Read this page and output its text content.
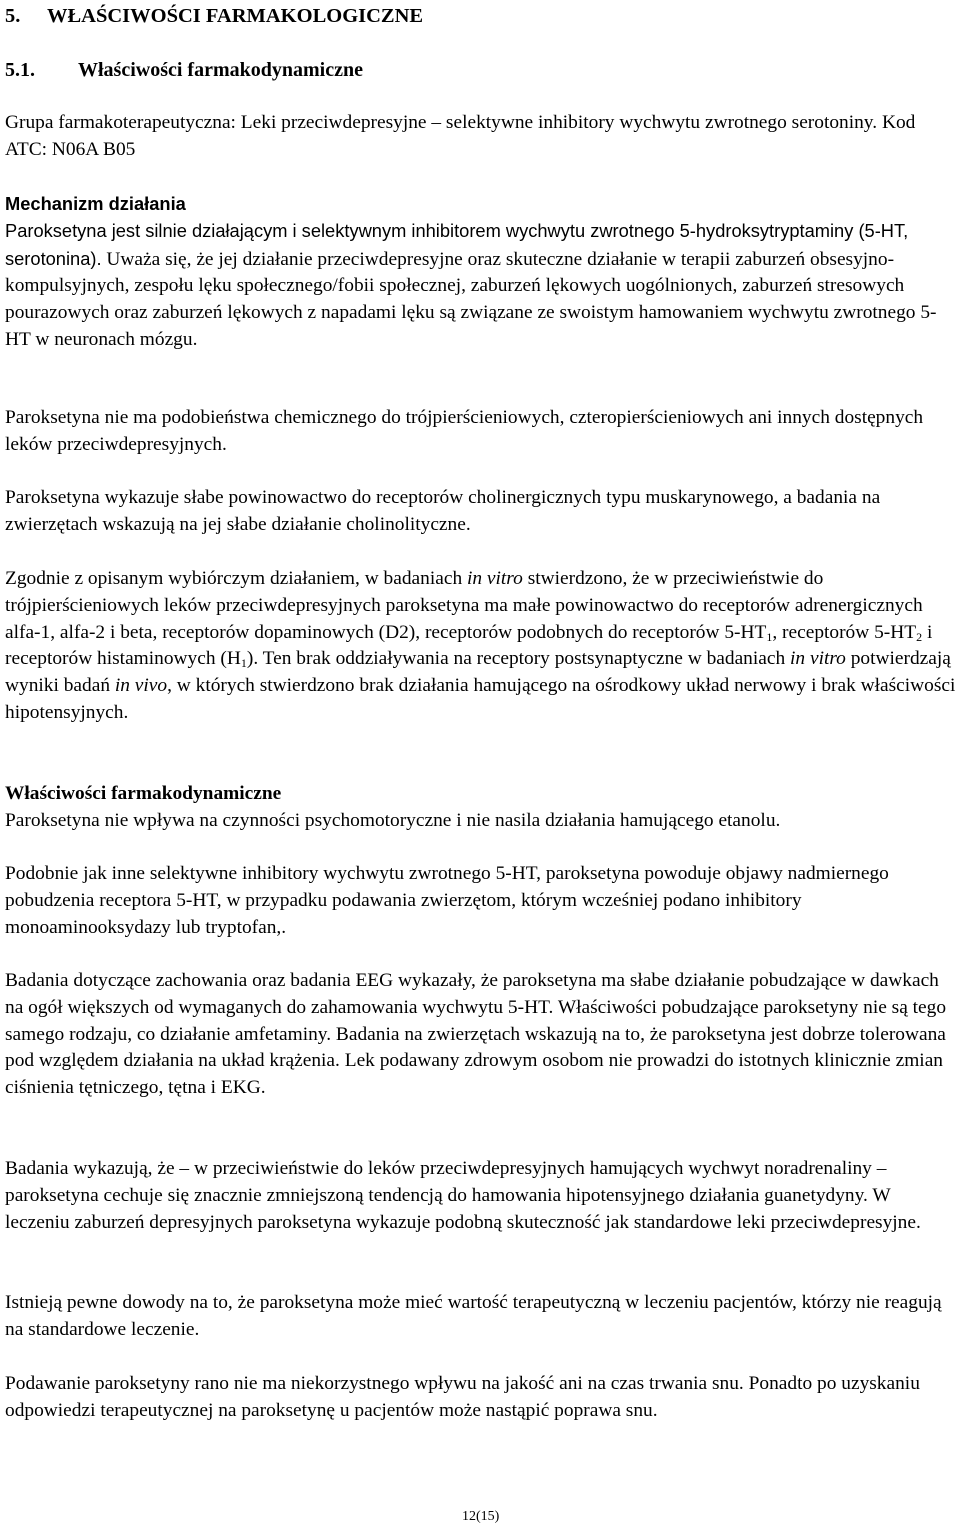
5. WŁAŚCIWOŚCI FARMAKOLOGICZNE
5.1. Właściwości farmakodynamiczne

Grupa farmakoterapeutyczna: Leki przeciwdepresyjne – selektywne inhibitory wychwytu zwrotnego serotoniny. Kod ATC: N06A B05

Mechanizm działania

Paroksetyna jest silnie działającym i selektywnym inhibitorem wychwytu zwrotnego 5-hydroksytryptaminy (5-HT, serotonina). Uważa się, że jej działanie przeciwdepresyjne oraz skuteczne działanie w terapii zaburzeń obsesyjno-kompulsyjnych, zespołu lęku społecznego/fobii społecznej, zaburzeń lękowych uogólnionych, zaburzeń stresowych pourazowych oraz zaburzeń lękowych z napadami lęku są związane ze swoistym hamowaniem wychwytu zwrotnego 5-HT w neuronach mózgu.

Paroksetyna nie ma podobieństwa chemicznego do trójpierścieniowych, czteropierścieniowych ani innych dostępnych leków przeciwdepresyjnych.

Paroksetyna wykazuje słabe powinowactwo do receptorów cholinergicznych typu muskarynowego, a badania na zwierzętach wskazują na jej słabe działanie cholinolityczne.

Zgodnie z opisanym wybiórczym działaniem, w badaniach in vitro stwierdzono, że w przeciwieństwie do trójpierścieniowych leków przeciwdepresyjnych paroksetyna ma małe powinowactwo do receptorów adrenergicznych alfa-1, alfa-2 i beta, receptorów dopaminowych (D2), receptorów podobnych do receptorów $5-HT_1$, receptorów $5-HT_2$ i receptorów histaminowych $(H_1)$. Ten brak oddziaływania na receptory postsynaptyczne w badaniach in vitro potwierdzają wyniki badań in vivo, w których stwierdzono brak działania hamującego na ośrodkowy układ nerwowy i brak właściwości hipotensyjnych.

Właściwości farmakodynamiczne

Paroksetyna nie wpływa na czynności psychomotoryczne i nie nasila działania hamującego etanolu.

Podobnie jak inne selektywne inhibitory wychwytu zwrotnego 5-HT, paroksetyna powoduje objawy nadmiernego pobudzenia receptora 5-HT, w przypadku podawania zwierzętom, którym wcześniej podano inhibitory monoaminooksydazy lub tryptofan,.

Badania dotyczące zachowania oraz badania EEG wykazały, że paroksetyna ma słabe działanie pobudzające w dawkach na ogół większych od wymaganych do zahamowania wychwytu 5-HT. Właściwości pobudzające paroksetyny nie są tego samego rodzaju, co działanie amfetaminy. Badania na zwierzętach wskazują na to, że paroksetyna jest dobrze tolerowana pod względem działania na układ krążenia. Lek podawany zdrowym osobom nie prowadzi do istotnych klinicznie zmian ciśnienia tętniczego, tętna i EKG.

Badania wykazują, że – w przeciwieństwie do leków przeciwdepresyjnych hamujących wychwyt noradrenaliny – paroksetyna cechuje się znacznie zmniejszoną tendencją do hamowania hipotensyjnego działania guanetydyny. W leczeniu zaburzeń depresyjnych paroksetyna wykazuje podobną skuteczność jak standardowe leki przeciwdepresyjne.

Istnieją pewne dowody na to, że paroksetyna może mieć wartość terapeutyczną w leczeniu pacjentów, którzy nie reagują na standardowe leczenie.

Podawanie paroksetyny rano nie ma niekorzystnego wpływu na jakość ani na czas trwania snu. Ponadto po uzyskaniu odpowiedzi terapeutycznej na paroksetynę u pacjentów może nastąpić poprawa snu.

12(15)
